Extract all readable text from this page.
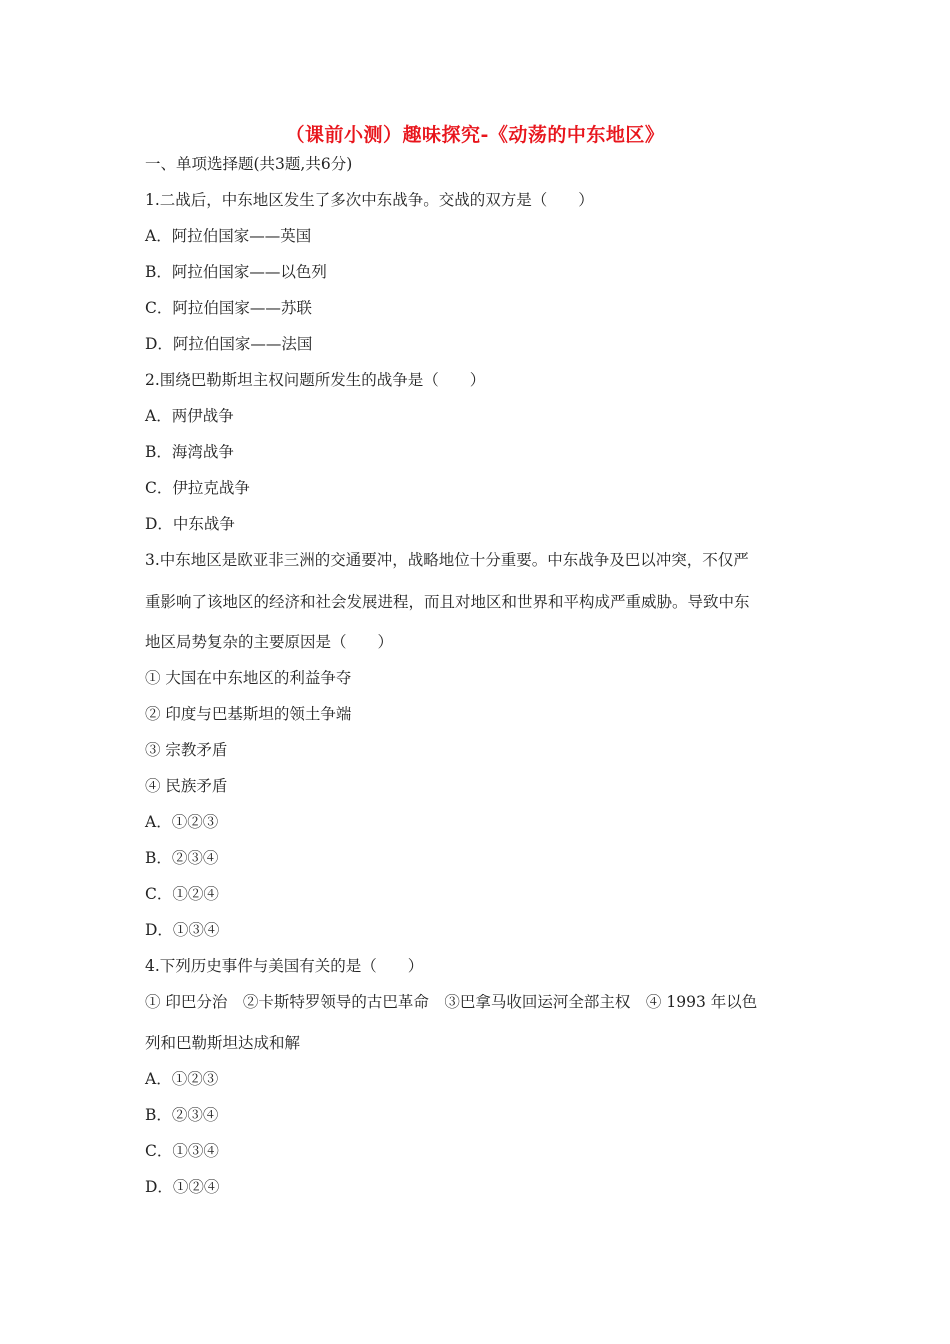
（课前小测）趣味探究-《动荡的中东地区》
一、单项选择题(共3题,共6分)
1.二战后，中东地区发生了多次中东战争。交战的双方是（　　）
A．阿拉伯国家——英国
B．阿拉伯国家——以色列
C．阿拉伯国家——苏联
D．阿拉伯国家——法国
2.围绕巴勒斯坦主权问题所发生的战争是（　　）
A．两伊战争
B．海湾战争
C．伊拉克战争
D．中东战争
3.中东地区是欧亚非三洲的交通要冲，战略地位十分重要。中东战争及巴以冲突，不仅严
重影响了该地区的经济和社会发展进程，而且对地区和世界和平构成严重威胁。导致中东
地区局势复杂的主要原因是（　　）
① 大国在中东地区的利益争夺
② 印度与巴基斯坦的领土争端
③ 宗教矛盾
④ 民族矛盾
A．①②③
B．②③④
C．①②④
D．①③④
4.下列历史事件与美国有关的是（　　）
① 印巴分治　②卡斯特罗领导的古巴革命　③巴拿马收回运河全部主权　④ 1993 年以色
列和巴勒斯坦达成和解
A．①②③
B．②③④
C．①③④
D．①②④
